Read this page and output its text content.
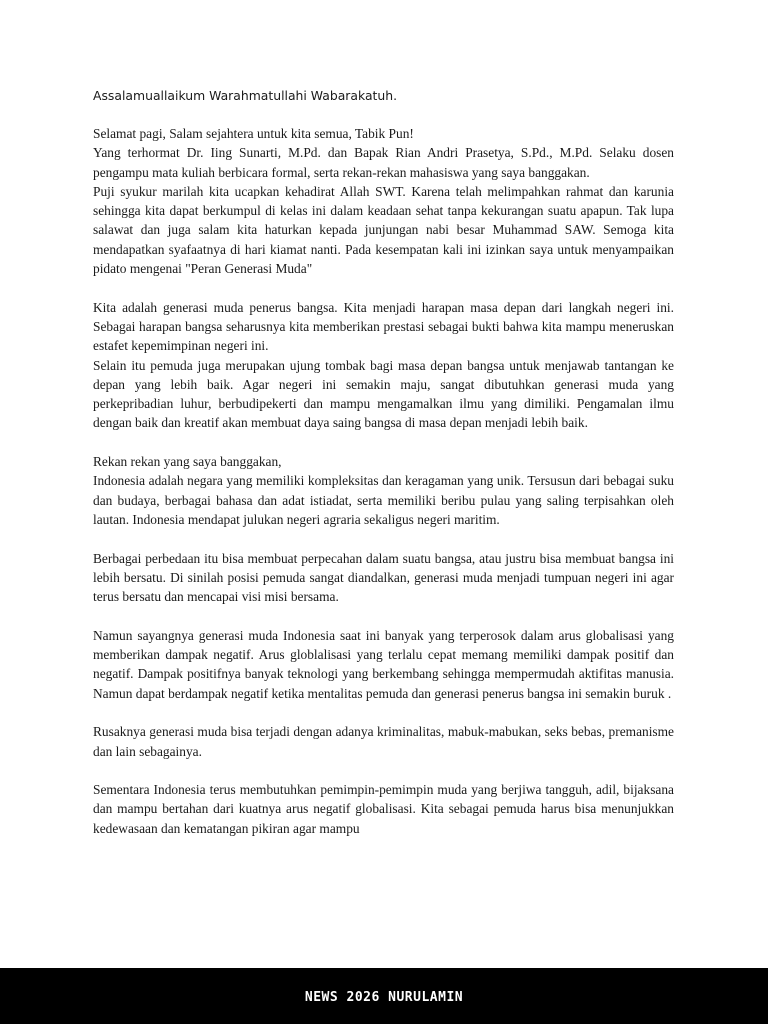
Assalamuallaikum Warahmatullahi Wabarakatuh.

Selamat pagi, Salam sejahtera untuk kita semua, Tabik Pun!

Yang terhormat Dr. Iing Sunarti, M.Pd. dan Bapak Rian Andri Prasetya, S.Pd., M.Pd. Selaku dosen pengampu mata kuliah berbicara formal, serta rekan-rekan mahasiswa yang saya banggakan.

Puji syukur marilah kita ucapkan kehadirat Allah SWT. Karena telah melimpahkan rahmat dan karunia sehingga kita dapat berkumpul di kelas ini dalam keadaan sehat tanpa kekurangan suatu apapun. Tak lupa salawat dan juga salam kita haturkan kepada junjungan nabi besar Muhammad SAW. Semoga kita mendapatkan syafaatnya di hari kiamat nanti. Pada kesempatan kali ini izinkan saya untuk menyampaikan pidato mengenai "Peran Generasi Muda"

Kita adalah generasi muda penerus bangsa. Kita menjadi harapan masa depan dari langkah negeri ini. Sebagai harapan bangsa seharusnya kita memberikan prestasi sebagai bukti bahwa kita mampu meneruskan estafet kepemimpinan negeri ini.

Selain itu pemuda juga merupakan ujung tombak bagi masa depan bangsa untuk menjawab tantangan ke depan yang lebih baik. Agar negeri ini semakin maju, sangat dibutuhkan generasi muda yang perkepribadian luhur, berbudipekerti dan mampu mengamalkan ilmu yang dimiliki. Pengamalan ilmu dengan baik dan kreatif akan membuat daya saing bangsa di masa depan menjadi lebih baik.

Rekan rekan yang saya banggakan,

Indonesia adalah negara yang memiliki kompleksitas dan keragaman yang unik. Tersusun dari bebagai suku dan budaya, berbagai bahasa dan adat istiadat, serta memiliki beribu pulau yang saling terpisahkan oleh lautan. Indonesia mendapat julukan negeri agraria sekaligus negeri maritim.

Berbagai perbedaan itu bisa membuat perpecahan dalam suatu bangsa, atau justru bisa membuat bangsa ini lebih bersatu. Di sinilah posisi pemuda sangat diandalkan, generasi muda menjadi tumpuan negeri ini agar terus bersatu dan mencapai visi misi bersama.

Namun sayangnya generasi muda Indonesia saat ini banyak yang terperosok dalam arus globalisasi yang memberikan dampak negatif. Arus globlalisasi yang terlalu cepat memang memiliki dampak positif dan negatif. Dampak positifnya banyak teknologi yang berkembang sehingga mempermudah aktifitas manusia. Namun dapat berdampak negatif ketika mentalitas pemuda dan generasi penerus bangsa ini semakin buruk .

Rusaknya generasi muda bisa terjadi dengan adanya kriminalitas, mabuk-mabukan, seks bebas, premanisme dan lain sebagainya.

Sementara Indonesia terus membutuhkan pemimpin-pemimpin muda yang berjiwa tangguh, adil, bijaksana dan mampu bertahan dari kuatnya arus negatif globalisasi. Kita sebagai pemuda harus bisa menunjukkan kedewasaan dan kematangan pikiran agar mampu

NEWS 2026 NURULAMIN
